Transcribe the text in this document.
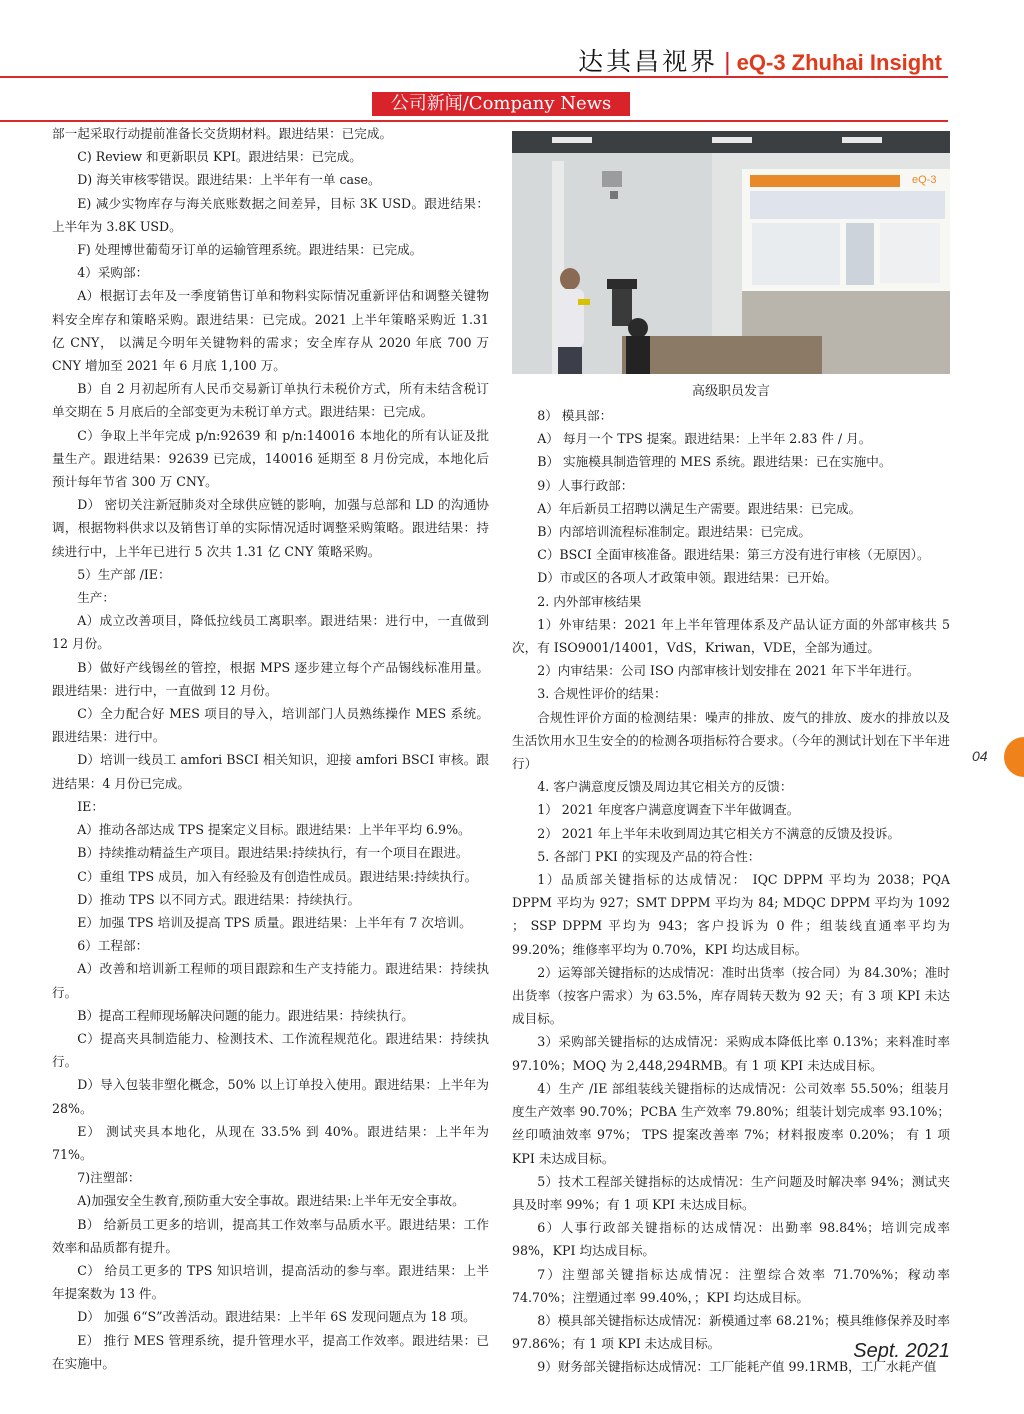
达其昌视界 | eQ-3 Zhuhai Insight
公司新闻/Company News

部一起采取行动提前准备长交货期材料。跟进结果：已完成。

C) Review 和更新职员 KPI。跟进结果：已完成。

D) 海关审核零错误。跟进结果：上半年有一单 case。

E) 减少实物库存与海关底账数据之间差异，目标 3K USD。跟进结果：上半年为 3.8K USD。

F) 处理博世葡萄牙订单的运输管理系统。跟进结果：已完成。

4）采购部：

A）根据订去年及一季度销售订单和物料实际情况重新评估和调整关键物料安全库存和策略采购。跟进结果：已完成。2021 上半年策略采购近 1.31 亿 CNY， 以满足今明年关键物料的需求；安全库存从 2020 年底 700 万 CNY 增加至 2021 年 6 月底 1,100 万。

B）自 2 月初起所有人民币交易新订单执行未税价方式，所有未结含税订单交期在 5 月底后的全部变更为未税订单方式。跟进结果：已完成。

C）争取上半年完成 p/n:92639 和 p/n:140016 本地化的所有认证及批量生产。跟进结果：92639 已完成，140016 延期至 8 月份完成，本地化后预计每年节省 300 万 CNY。

D） 密切关注新冠肺炎对全球供应链的影响，加强与总部和 LD 的沟通协调，根据物料供求以及销售订单的实际情况适时调整采购策略。跟进结果：持续进行中，上半年已进行 5 次共 1.31 亿 CNY 策略采购。

5）生产部 /IE：

生产：

A）成立改善项目，降低拉线员工离职率。跟进结果：进行中，一直做到 12 月份。

B）做好产线锡丝的管控，根据 MPS 逐步建立每个产品锡线标准用量。跟进结果：进行中，一直做到 12 月份。

C）全力配合好 MES 项目的导入，培训部门人员熟练操作 MES 系统。跟进结果：进行中。

D）培训一线员工 amfori BSCI 相关知识，迎接 amfori BSCI 审核。跟进结果：4 月份已完成。

IE：

A）推动各部达成 TPS 提案定义目标。跟进结果：上半年平均 6.9%。

B）持续推动精益生产项目。跟进结果:持续执行，有一个项目在跟进。

C）重组 TPS 成员，加入有经验及有创造性成员。跟进结果:持续执行。

D）推动 TPS 以不同方式。跟进结果：持续执行。

E）加强 TPS 培训及提高 TPS 质量。跟进结果：上半年有 7 次培训。

6）工程部：

A）改善和培训新工程师的项目跟踪和生产支持能力。跟进结果：持续执行。

B）提高工程师现场解决问题的能力。跟进结果：持续执行。

C）提高夹具制造能力、检测技术、工作流程规范化。跟进结果：持续执行。

D）导入包装非塑化概念，50% 以上订单投入使用。跟进结果：上半年为 28%。

E） 测试夹具本地化，从现在 33.5% 到 40%。跟进结果：上半年为 71%。

7)注塑部：

A)加强安全生教育,预防重大安全事故。跟进结果:上半年无安全事故。

B） 给新员工更多的培训，提高其工作效率与品质水平。跟进结果：工作效率和品质都有提升。

C） 给员工更多的 TPS 知识培训，提高活动的参与率。跟进结果：上半年提案数为 13 件。

D） 加强 6“S”改善活动。跟进结果：上半年 6S 发现问题点为 18 项。

E） 推行 MES 管理系统，提升管理水平，提高工作效率。跟进结果：已在实施中。

eQ-3
高级职员发言

8） 模具部：

A） 每月一个 TPS 提案。跟进结果：上半年 2.83 件 / 月。

B） 实施模具制造管理的 MES 系统。跟进结果：已在实施中。

9）人事行政部：

A）年后新员工招聘以满足生产需要。跟进结果：已完成。

B）内部培训流程标准制定。跟进结果：已完成。

C）BSCI 全面审核准备。跟进结果：第三方没有进行审核（无原因）。

D）市或区的各项人才政策申领。跟进结果：已开始。

2. 内外部审核结果

1）外审结果：2021 年上半年管理体系及产品认证方面的外部审核共 5 次，有 ISO9001/14001，VdS，Kriwan，VDE，全部为通过。

2）内审结果：公司 ISO 内部审核计划安排在 2021 年下半年进行。

3. 合规性评价的结果：

合规性评价方面的检测结果：噪声的排放、废气的排放、废水的排放以及生活饮用水卫生安全的的检测各项指标符合要求。（今年的测试计划在下半年进行）

4. 客户满意度反馈及周边其它相关方的反馈：

1） 2021 年度客户满意度调查下半年做调查。

2） 2021 年上半年未收到周边其它相关方不满意的反馈及投诉。

5. 各部门 PKI 的实现及产品的符合性：

1）品质部关键指标的达成情况： IQC DPPM 平均为 2038；PQA DPPM 平均为 927；SMT DPPM 平均为 84; MDQC DPPM 平均为 1092 ； SSP DPPM 平均为 943；客户投诉为 0 件；组装线直通率平均为 99.20%；维修率平均为 0.70%，KPI 均达成目标。

2）运筹部关键指标的达成情况：准时出货率（按合同）为 84.30%；准时出货率（按客户需求）为 63.5%，库存周转天数为 92 天；有 3 项 KPI 未达成目标。

3）采购部关键指标的达成情况：采购成本降低比率 0.13%；来料准时率 97.10%；MOQ 为 2,448,294RMB。有 1 项 KPI 未达成目标。

4）生产 /IE 部组装线关键指标的达成情况：公司效率 55.50%；组装月度生产效率 90.70%；PCBA 生产效率 79.80%；组装计划完成率 93.10%；丝印喷油效率 97%； TPS 提案改善率 7%；材料报废率 0.20%； 有 1 项 KPI 未达成目标。

5）技术工程部关键指标的达成情况：生产问题及时解决率 94%；测试夹具及时率 99%；有 1 项 KPI 未达成目标。

6）人事行政部关键指标的达成情况：出勤率 98.84%；培训完成率 98%，KPI 均达成目标。

7）注塑部关键指标达成情况：注塑综合效率 71.70%%；稼动率 74.70%；注塑通过率 99.40%，；KPI 均达成目标。

8）模具部关键指标达成情况：新模通过率 68.21%；模具维修保养及时率 97.86%；有 1 项 KPI 未达成目标。

9）财务部关键指标达成情况：工厂能耗产值 99.1RMB，工厂水耗产值

04
Sept. 2021
